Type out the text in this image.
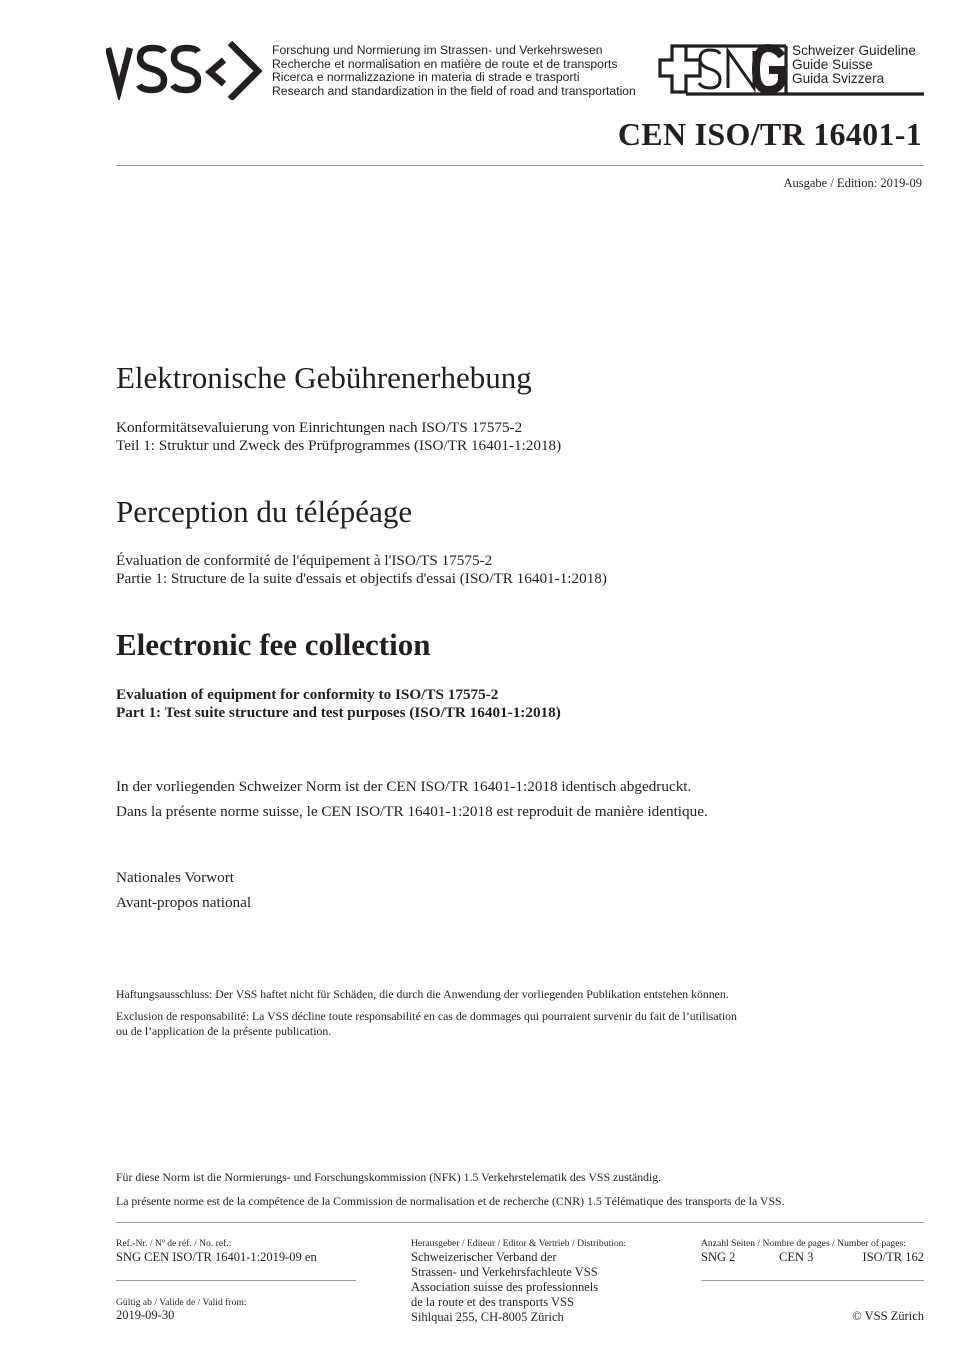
Forschung und Normierung im Strassen- und Verkehrswesen
Recherche et normalisation en matière de route et de transports
Ricerca e normalizzazione in materia di strade e trasporti
Research and standardization in the field of road and transportation
Schweizer Guideline
Guide Suisse
Guida Svizzera
CEN ISO/TR 16401-1
Ausgabe / Edition: 2019-09
Elektronische Gebührenerhebung
Konformitätsevaluierung von Einrichtungen nach ISO/TS 17575-2
Teil 1: Struktur und Zweck des Prüfprogrammes (ISO/TR 16401-1:2018)
Perception du télépéage
Évaluation de conformité de l'équipement à l'ISO/TS 17575-2
Partie 1: Structure de la suite d'essais et objectifs d'essai (ISO/TR 16401-1:2018)
Electronic fee collection
Evaluation of equipment for conformity to ISO/TS 17575-2
Part 1: Test suite structure and test purposes (ISO/TR 16401-1:2018)
In der vorliegenden Schweizer Norm ist der CEN ISO/TR 16401-1:2018 identisch abgedruckt.
Dans la présente norme suisse, le CEN ISO/TR 16401-1:2018 est reproduit de manière identique.
Nationales Vorwort
Avant-propos national
Haftungsausschluss: Der VSS haftet nicht für Schäden, die durch die Anwendung der vorliegenden Publikation entstehen können.
Exclusion de responsabilité: La VSS décline toute responsabilité en cas de dommages qui pourraient survenir du fait de l’utilisation
ou de l’application de la présente publication.
Für diese Norm ist die Normierungs- und Forschungskommission (NFK) 1.5 Verkehrstelematik des VSS zuständig.
La présente norme est de la compétence de la Commission de normalisation et de recherche (CNR) 1.5 Télématique des transports de la VSS.
Ref.-Nr. / Nº de réf. / No. ref.:
SNG CEN ISO/TR 16401-1:2019-09 en
Gültig ab / Valide de / Valid from:
2019-09-30
Herausgeber / Editeur / Editor & Vertrieb / Distribution:
Schweizerischer Verband der
Strassen- und Verkehrsfachleute VSS
Association suisse des professionnels
de la route et des transports VSS
Sihlquai 255, CH-8005 Zürich
Anzahl Seiten / Nombre de pages / Number of pages:
SNG 2	CEN 3	ISO/TR 162
© VSS Zürich
